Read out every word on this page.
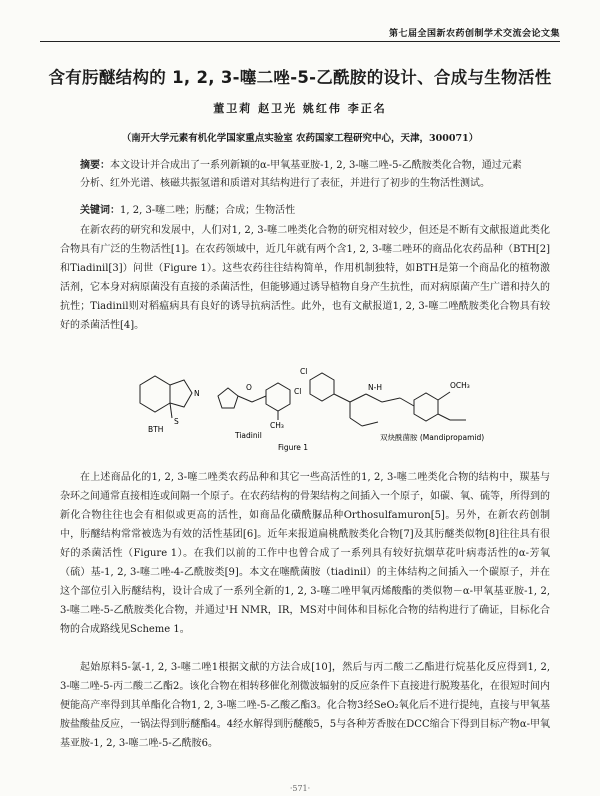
第七届全国新农药创制学术交流会论文集
含有肟醚结构的 1, 2, 3-噻二唑-5-乙酰胺的设计、合成与生物活性
董卫莉 赵卫光 姚红伟 李正名
（南开大学元素有机化学国家重点实验室 农药国家工程研究中心，天津，300071）
摘要：本文设计并合成出了一系列新颖的α-甲氧基亚胺-1, 2, 3-噻二唑-5-乙酰胺类化合物，通过元素分析、红外光谱、核磁共振氢谱和质谱对其结构进行了表征，并进行了初步的生物活性测试。
关键词：1, 2, 3-噻二唑；肟醚；合成；生物活性
在新农药的研究和发展中，人们对1, 2, 3-噻二唑类化合物的研究相对较少，但还是不断有文献报道此类化合物具有广泛的生物活性[1]。在农药领域中，近几年就有两个含1, 2, 3-噻二唑环的商品化农药品种（BTH[2]和Tiadinil[3]）问世（Figure 1）。这些农药往往结构简单，作用机制独特，如BTH是第一个商品化的植物激活剂，它本身对病原菌没有直接的杀菌活性，但能够通过诱导植物自身产生抗性，而对病原菌产生广谱和持久的抗性；Tiadinil则对稻瘟病具有良好的诱导抗病活性。此外，也有文献报道1, 2, 3-噻二唑酰胺类化合物具有较好的杀菌活性[4]。
BTH
Tiadinil
Figure 1
双炔酰菌胺 (Mandipropamid)
Cl
Cl
OCH₃
S
N
O
CH₃
N-H
在上述商品化的1, 2, 3-噻二唑类农药品种和其它一些高活性的1, 2, 3-噻二唑类化合物的结构中，羰基与杂环之间通常直接相连或间隔一个原子。在农药结构的骨架结构之间插入一个原子，如碳、氧、硫等，所得到的新化合物往往也会有相似或更高的活性，如商品化磺酰脲品种Orthosulfamuron[5]。另外，在新农药创制中，肟醚结构常常被选为有效的活性基团[6]。近年来报道扁桃酰胺类化合物[7]及其肟醚类似物[8]往往具有很好的杀菌活性（Figure 1）。在我们以前的工作中也曾合成了一系列具有较好抗烟草花叶病毒活性的α-芳氧（硫）基-1, 2, 3-噻二唑-4-乙酰胺类[9]。本文在噻酰菌胺（tiadinil）的主体结构之间插入一个碳原子，并在这个部位引入肟醚结构，设计合成了一系列全新的1, 2, 3-噻二唑甲氧丙烯酸酯的类似物－α-甲氧基亚胺-1, 2, 3-噻二唑-5-乙酰胺类化合物，并通过¹H NMR，IR，MS对中间体和目标化合物的结构进行了确证，目标化合物的合成路线见Scheme 1。
起始原料5-氯-1, 2, 3-噻二唑1根据文献的方法合成[10]，然后与丙二酸二乙酯进行烷基化反应得到1, 2, 3-噻二唑-5-丙二酸二乙酯2。该化合物在相转移催化剂微波辐射的反应条件下直接进行脱羧基化，在很短时间内便能高产率得到其单酯化合物1, 2, 3-噻二唑-5-乙酸乙酯3。化合物3经SeO₂氧化后不进行提纯，直接与甲氧基胺盐酸盐反应，一锅法得到肟醚酯4。4经水解得到肟醚酸5，5与各种芳香胺在DCC缩合下得到目标产物α-甲氧基亚胺-1, 2, 3-噻二唑-5-乙酰胺6。
·571·
